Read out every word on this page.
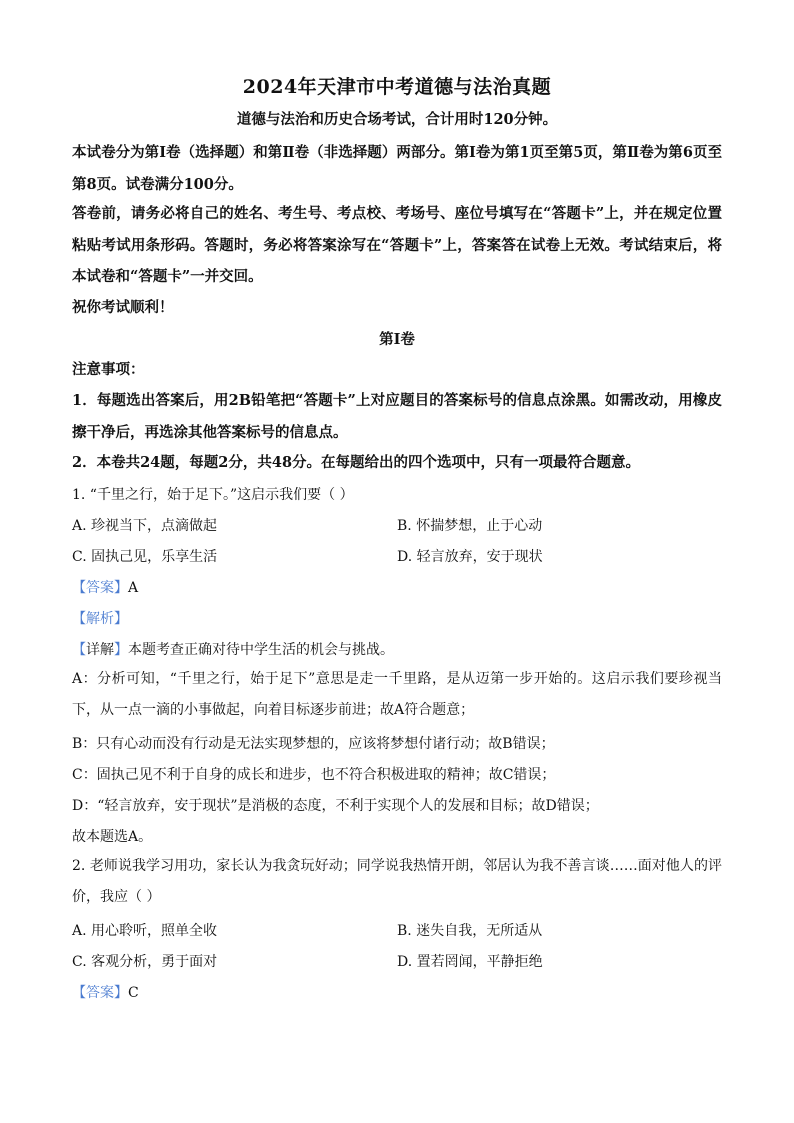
2024年天津市中考道德与法治真题
道德与法治和历史合场考试，合计用时120分钟。
本试卷分为第Ⅰ卷（选择题）和第Ⅱ卷（非选择题）两部分。第Ⅰ卷为第1页至第5页，第Ⅱ卷为第6页至第8页。试卷满分100分。
答卷前，请务必将自己的姓名、考生号、考点校、考场号、座位号填写在“答题卡”上，并在规定位置粘贴考试用条形码。答题时，务必将答案涂写在“答题卡”上，答案答在试卷上无效。考试结束后，将本试卷和“答题卡”一并交回。
祝你考试顺利！
第Ⅰ卷
注意事项：
1．每题选出答案后，用2B铅笔把“答题卡”上对应题目的答案标号的信息点涂黑。如需改动，用橡皮擦干净后，再选涂其他答案标号的信息点。
2．本卷共24题，每题2分，共48分。在每题给出的四个选项中，只有一项最符合题意。
1. “千里之行，始于足下。”这启示我们要（ ）
A. 珍视当下，点滴做起	B. 怀揣梦想，止于心动
C. 固执己见，乐享生活	D. 轻言放弃，安于现状
【答案】A
【解析】
【详解】本题考查正确对待中学生活的机会与挑战。
A：分析可知，“千里之行，始于足下”意思是走一千里路，是从迈第一步开始的。这启示我们要珍视当下，从一点一滴的小事做起，向着目标逐步前进；故A符合题意；
B：只有心动而没有行动是无法实现梦想的，应该将梦想付诸行动；故B错误；
C：固执己见不利于自身的成长和进步，也不符合积极进取的精神；故C错误；
D：“轻言放弃，安于现状”是消极的态度，不利于实现个人的发展和目标；故D错误；
故本题选A。
2. 老师说我学习用功，家长认为我贪玩好动；同学说我热情开朗，邻居认为我不善言谈……面对他人的评价，我应（ ）
A. 用心聆听，照单全收	B. 迷失自我，无所适从
C. 客观分析，勇于面对	D. 置若罔闻，平静拒绝
【答案】C
